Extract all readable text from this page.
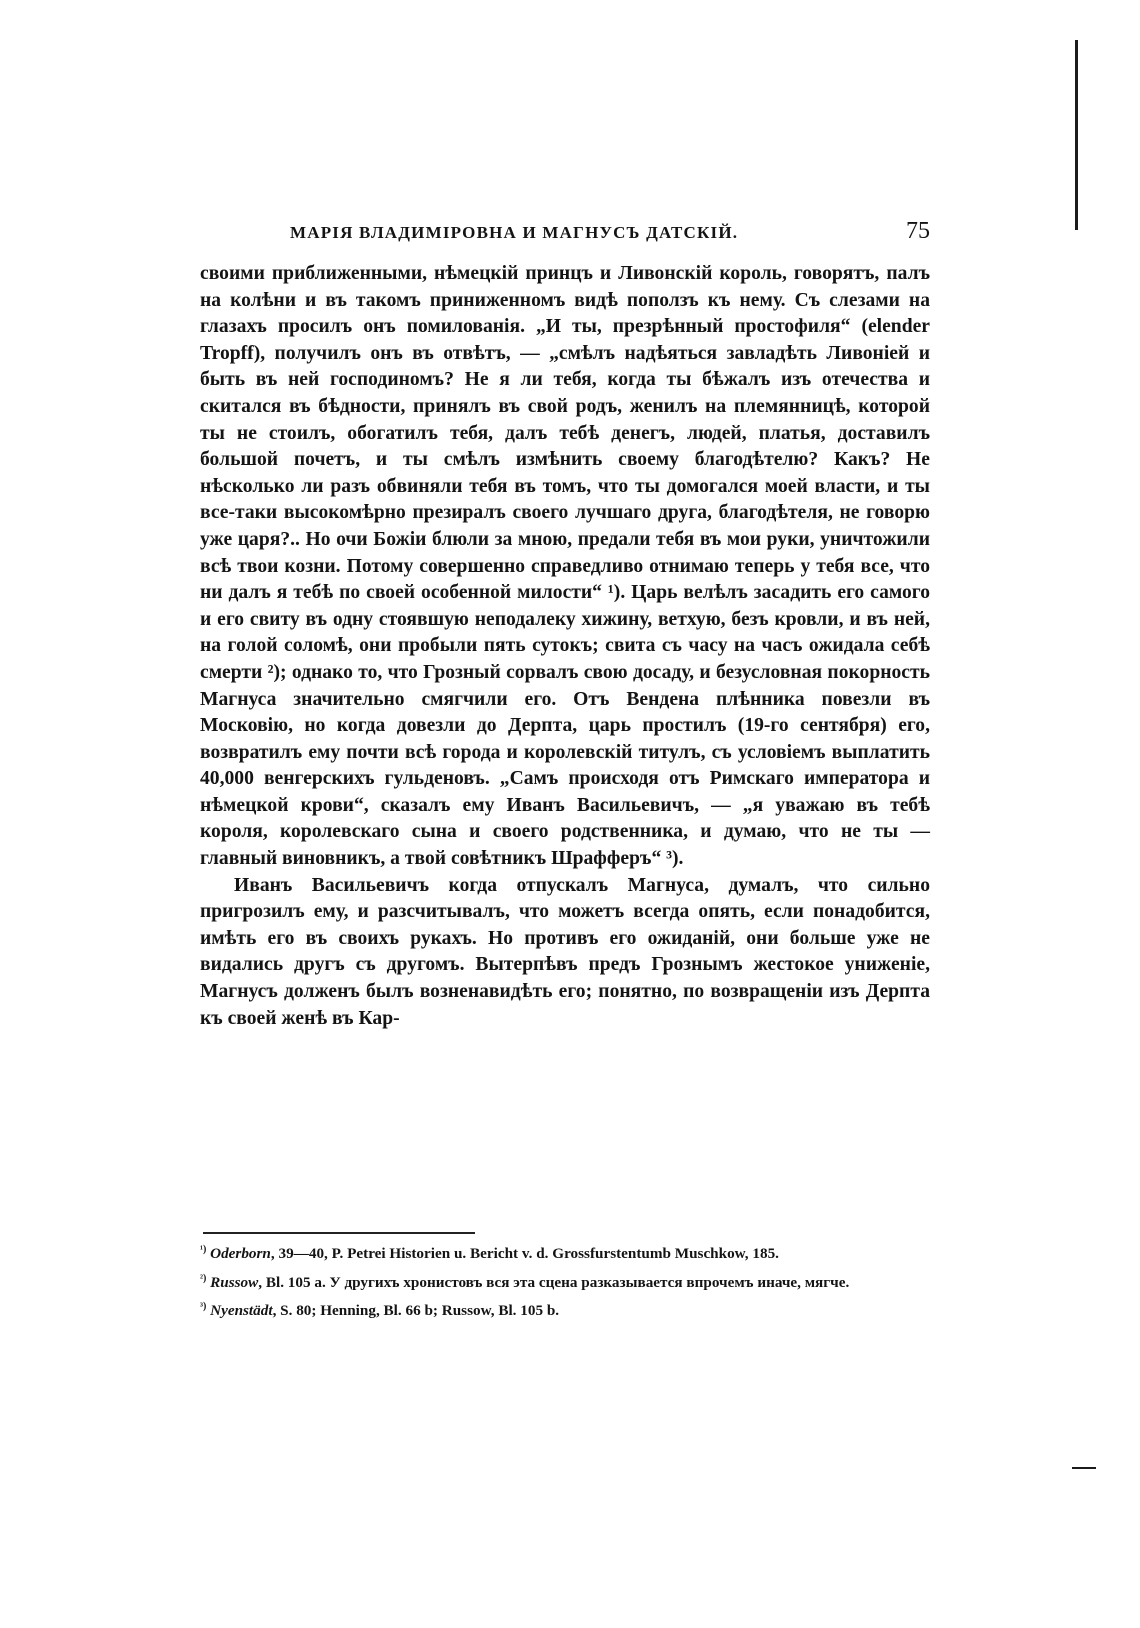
МАРІЯ ВЛАДИМІРОВНА И МАГНУСЪ ДАТСКІЙ.	75

своими приближенными, нѣмецкій принцъ и Ливонскій король, говорятъ, палъ на колѣни и въ такомъ приниженномъ видѣ поползъ къ нему. Съ слезами на глазахъ просилъ онъ помилованія. „И ты, презрѣнный простофиля“ (elender Tropff), получилъ онъ въ отвѣтъ, — „смѣлъ надѣяться завладѣть Ливоніей и быть въ ней господиномъ? Не я ли тебя, когда ты бѣжалъ изъ отечества и скитался въ бѣдности, принялъ въ свой родъ, женилъ на племянницѣ, которой ты не стоилъ, обогатилъ тебя, далъ тебѣ денегъ, людей, платья, доставилъ большой почетъ, и ты смѣлъ измѣнить своему благодѣтелю? Какъ? Не нѣсколько ли разъ обвиняли тебя въ томъ, что ты домогался моей власти, и ты все-таки высокомѣрно презиралъ своего лучшаго друга, благодѣтеля, не говорю уже царя?.. Но очи Божіи блюли за мною, предали тебя въ мои руки, уничтожили всѣ твои козни. Потому совершенно справедливо отнимаю теперь у тебя все, что ни далъ я тебѣ по своей особенной милости“ ¹). Царь велѣлъ засадить его самого и его свиту въ одну стоявшую неподалеку хижину, ветхую, безъ кровли, и въ ней, на голой соломѣ, они пробыли пять сутокъ; свита съ часу на часъ ожидала себѣ смерти ²); однако то, что Грозный сорвалъ свою досаду, и безусловная покорность Магнуса значительно смягчили его. Отъ Вендена плѣнника повезли въ Московію, но когда довезли до Дерпта, царь простилъ (19-го сентября) его, возвратилъ ему почти всѣ города и королевскій титулъ, съ условіемъ выплатить 40,000 венгерскихъ гульденовъ. „Самъ происходя отъ Римскаго императора и нѣмецкой крови“, сказалъ ему Иванъ Васильевичъ, — „я уважаю въ тебѣ короля, королевскаго сына и своего родственника, и думаю, что не ты — главный виновникъ, а твой совѣтникъ Шрафферъ“ ³).

Иванъ Васильевичъ когда отпускалъ Магнуса, думалъ, что сильно пригрозилъ ему, и разсчитывалъ, что можетъ всегда опять, если понадобится, имѣть его въ своихъ рукахъ. Но противъ его ожиданій, они больше уже не видались другъ съ другомъ. Вытерпѣвъ предъ Грознымъ жестокое униженіе, Магнусъ долженъ былъ возненавидѣть его; понятно, по возвращеніи изъ Дерпта къ своей женѣ въ Кар-

$^{^1)}$ Oderborn, 39—40, P. Petrei Historien u. Bericht v. d. Grossfurstentumb Muschkow, 185.

$^{^2)}$ Russow, Bl. 105 a. У другихъ хронистовъ вся эта сцена разказывается впрочемъ иначе, мягче.

$^{^3)}$ Nyenstädt, S. 80; Henning, Bl. 66 b; Russow, Bl. 105 b.
